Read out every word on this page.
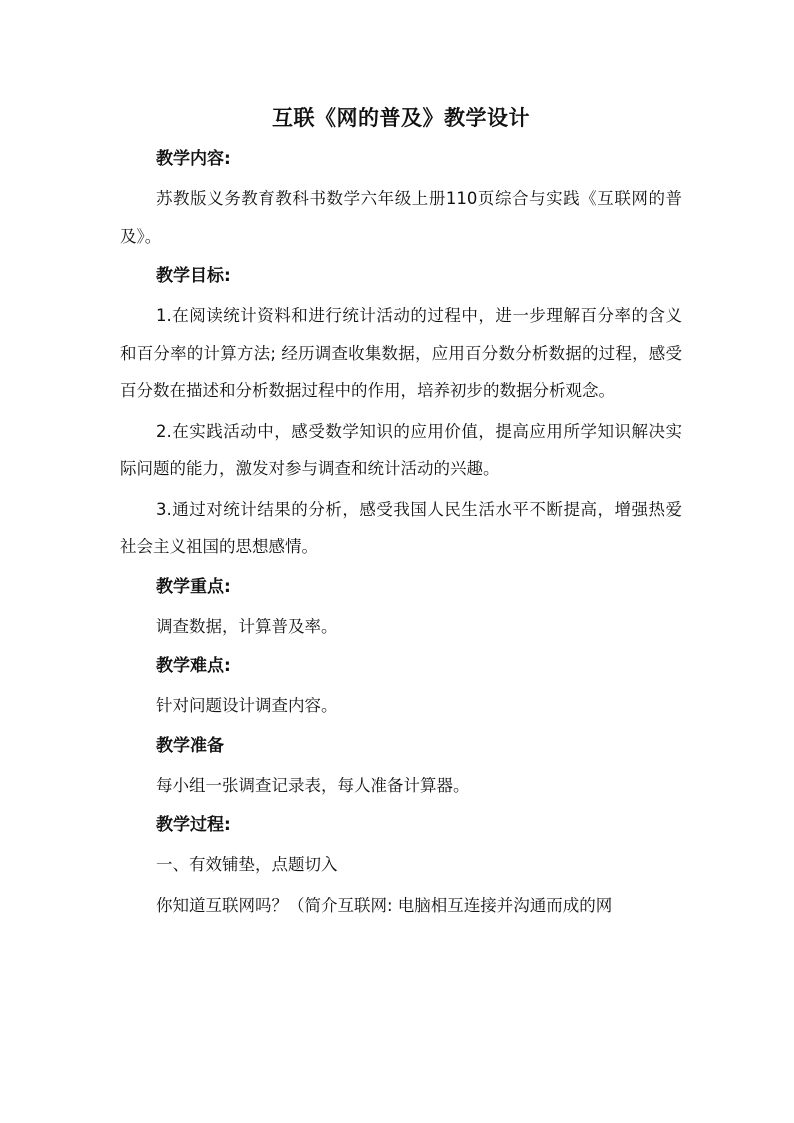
互联《网的普及》教学设计

教学内容:

苏教版义务教育教科书数学六年级上册110页综合与实践《互联网的普及》。

教学目标:

1.在阅读统计资料和进行统计活动的过程中，进一步理解百分率的含义和百分率的计算方法; 经历调查收集数据，应用百分数分析数据的过程，感受百分数在描述和分析数据过程中的作用，培养初步的数据分析观念。

2.在实践活动中，感受数学知识的应用价值，提高应用所学知识解决实际问题的能力，激发对参与调查和统计活动的兴趣。

3.通过对统计结果的分析，感受我国人民生活水平不断提高，增强热爱社会主义祖国的思想感情。

教学重点:

调查数据，计算普及率。

教学难点:

针对问题设计调查内容。

教学准备

每小组一张调查记录表，每人准备计算器。

教学过程:

一、有效铺垫，点题切入

你知道互联网吗？（简介互联网: 电脑相互连接并沟通而成的网
